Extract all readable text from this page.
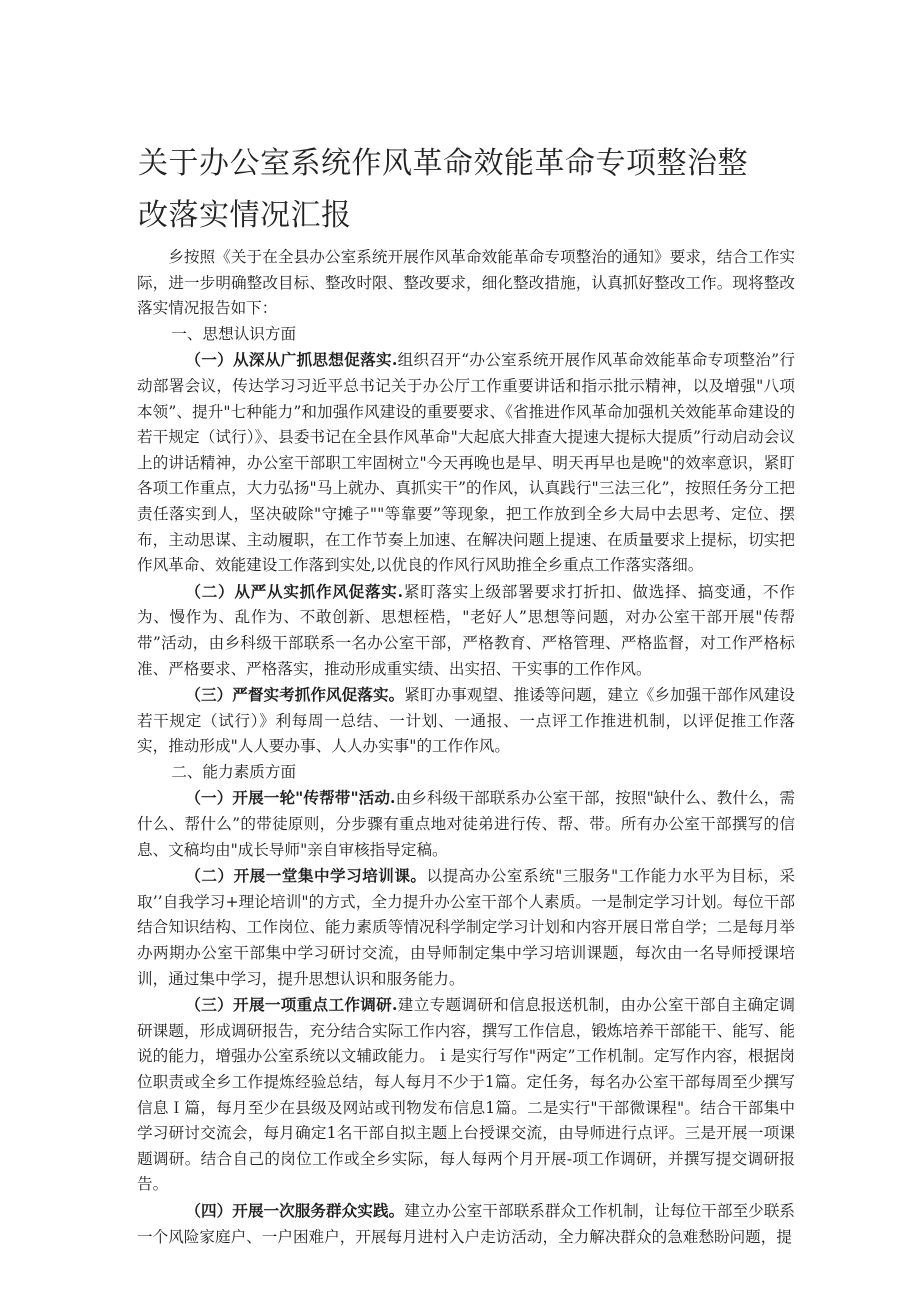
关于办公室系统作风革命效能革命专项整治整改落实情况汇报

乡按照《关于在全县办公室系统开展作风革命效能革命专项整治的通知》要求，结合工作实际，进一步明确整改目标、整改时限、整改要求，细化整改措施，认真抓好整改工作。现将整改落实情况报告如下：

一、思想认识方面

（一）从深从广抓思想促落实.组织召开“办公室系统开展作风革命效能革命专项整治”行动部署会议，传达学习习近平总书记关于办公厅工作重要讲话和指示批示精神，以及增强"八项本领”、提升"七种能力”和加强作风建设的重要要求、《省推进作风革命加强机关效能革命建设的若干规定（试行）》、县委书记在全县作风革命"大起底大排查大提速大提标大提质”行动启动会议上的讲话精神，办公室干部职工牢固树立"今天再晚也是早、明天再早也是晚"的效率意识，紧盯各项工作重点，大力弘扬"马上就办、真抓实干”的作风，认真践行"三法三化”，按照任务分工把责任落实到人，坚决破除"守摊子""等靠要”等现象，把工作放到全乡大局中去思考、定位、摆布，主动思谋、主动履职，在工作节奏上加速、在解决问题上提速、在质量要求上提标，切实把作风革命、效能建设工作落到实处,以优良的作风行风助推全乡重点工作落实落细。

（二）从严从实抓作风促落实.紧盯落实上级部署要求打折扣、做选择、搞变通，不作为、慢作为、乱作为、不敢创新、思想桎梏，"老好人”思想等问题，对办公室干部开展"传帮带”活动，由乡科级干部联系一名办公室干部，严格教育、严格管理、严格监督，对工作严格标准、严格要求、严格落实，推动形成重实绩、出实招、干实事的工作作风。

（三）严督实考抓作风促落实。紧盯办事观望、推诿等问题，建立《乡加强干部作风建设若干规定（试行）》利每周一总结、一计划、一通报、一点评工作推进机制，以评促推工作落实，推动形成"人人要办事、人人办实事"的工作作风。

二、能力素质方面

（一）开展一轮"传帮带"活动.由乡科级干部联系办公室干部，按照"缺什么、教什么，需什么、帮什么”的带徒原则，分步骤有重点地对徒弟进行传、帮、带。所有办公室干部撰写的信息、文稿均由"成长导师"亲自审核指导定稿。

（二）开展一堂集中学习培训课。以提高办公室系统"三服务"工作能力水平为目标，采取’’自我学习+理论培训"的方式，全力提升办公室干部个人素质。一是制定学习计划。每位干部结合知识结构、工作岗位、能力素质等情况科学制定学习计划和内容开展日常自学；二是每月举办两期办公室干部集中学习研讨交流，由导师制定集中学习培训课题，每次由一名导师授课培训，通过集中学习，提升思想认识和服务能力。

（三）开展一项重点工作调研.建立专题调研和信息报送机制，由办公室干部自主确定调研课题，形成调研报告，充分结合实际工作内容，撰写工作信息，锻炼培养干部能干、能写、能说的能力，增强办公室系统以文辅政能力。ｉ是实行写作"两定”工作机制。定写作内容，根据岗位职责或全乡工作提炼经验总结，每人每月不少于1篇。定任务，每名办公室干部每周至少撰写信息Ｉ篇，每月至少在县级及网站或刊物发布信息1篇。二是实行"干部微课程"。结合干部集中学习研讨交流会，每月确定1名干部自拟主题上台授课交流，由导师进行点评。三是开展一项课题调研。结合自己的岗位工作或全乡实际，每人每两个月开展-项工作调研，并撰写提交调研报告。

（四）开展一次服务群众实践。建立办公室干部联系群众工作机制，让每位干部至少联系一个风险家庭户、一户困难户，开展每月进村入户走访活动，全力解决群众的急难愁盼问题，提
